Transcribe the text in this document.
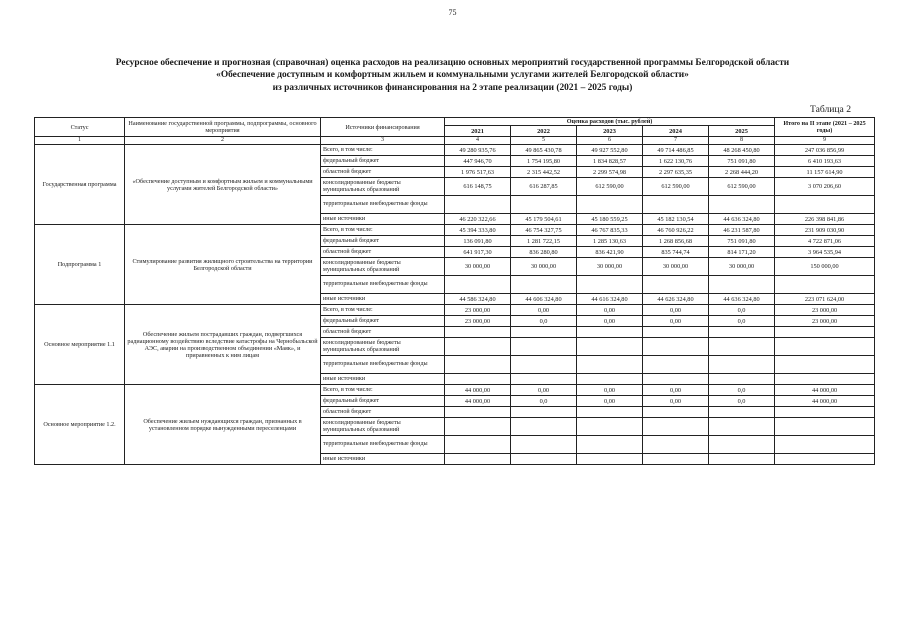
75
Ресурсное обеспечение и прогнозная (справочная) оценка расходов на реализацию основных мероприятий государственной программы Белгородской области
«Обеспечение доступным и комфортным жильем и коммунальными услугами жителей Белгородской области»
из различных источников финансирования на 2 этапе реализации (2021 – 2025 годы)
Таблица 2
Статус	Наименование государственной программы, подпрограммы, основного мероприятия	Источники финансирования	Оценка расходов (тыс. рублей)					Итого на II этапе (2021 – 2025 годы)
			2021	2022	2023	2024	2025	
1	2	3	4	5	6	7	8	9
Государственная программа	«Обеспечение доступным и комфортным жильем и коммунальными услугами жителей Белгородской области»	Всего, в том числе:	49 280 935,76	49 865 430,78	49 927 552,80	49 714 486,85	48 268 450,80	247 036 856,99
		федеральный бюджет	447 946,70	1 754 195,80	1 834 828,57	1 622 130,76	751 091,80	6 410 193,63
		областной бюджет	1 976 517,63	2 315 442,52	2 299 574,98	2 297 635,35	2 268 444,20	11 157 614,90
		консолидированные бюджеты муниципальных образований	616 148,75	616 287,85	612 590,00	612 590,00	612 590,00	3 070 206,60
		территориальные внебюджетные фонды						
		иные источники	46 220 322,66	45 179 504,61	45 180 559,25	45 182 130,54	44 636 324,80	226 398 841,86
Подпрограмма 1	Стимулирование развития жилищного строительства на территории Белгородской области	Всего, в том числе:	45 394 333,80	46 754 327,75	46 767 835,33	46 760 926,22	46 231 587,80	231 909 030,90
		федеральный бюджет	136 091,80	1 281 722,15	1 285 130,63	1 268 856,68	751 091,80	4 722 871,06
		областной бюджет	641 917,30	836 280,80	836 421,90	835 744,74	814 171,20	3 964 535,94
		консолидированные бюджеты муниципальных образований	30 000,00	30 000,00	30 000,00	30 000,00	30 000,00	150 000,00
		территориальные внебюджетные фонды						
		иные источники	44 586 324,80	44 606 324,80	44 616 324,80	44 626 324,80	44 636 324,80	223 071 624,00
Основное мероприятие 1.1	Обеспечение жильем пострадавших граждан, подвергшихся радиационному воздействию вследствие катастрофы на Чернобыльской АЭС, аварии на производственном объединении «Маяк», и приравненных к ним лицам	Всего, в том числе:	23 000,00	0,00	0,00	0,00	0,0	23 000,00
		федеральный бюджет	23 000,00	0,0	0,00	0,00	0,0	23 000,00
		областной бюджет						
		консолидированные бюджеты муниципальных образований						
		территориальные внебюджетные фонды						
		иные источники						
Основное мероприятие 1.2.	Обеспечение жильем нуждающихся граждан, признанных в установленном порядке вынужденными переселенцами	Всего, в том числе:	44 000,00	0,00	0,00	0,00	0,0	44 000,00
		федеральный бюджет	44 000,00	0,0	0,00	0,00	0,0	44 000,00
		областной бюджет						
		консолидированные бюджеты муниципальных образований						
		территориальные внебюджетные фонды						
		иные источники						
